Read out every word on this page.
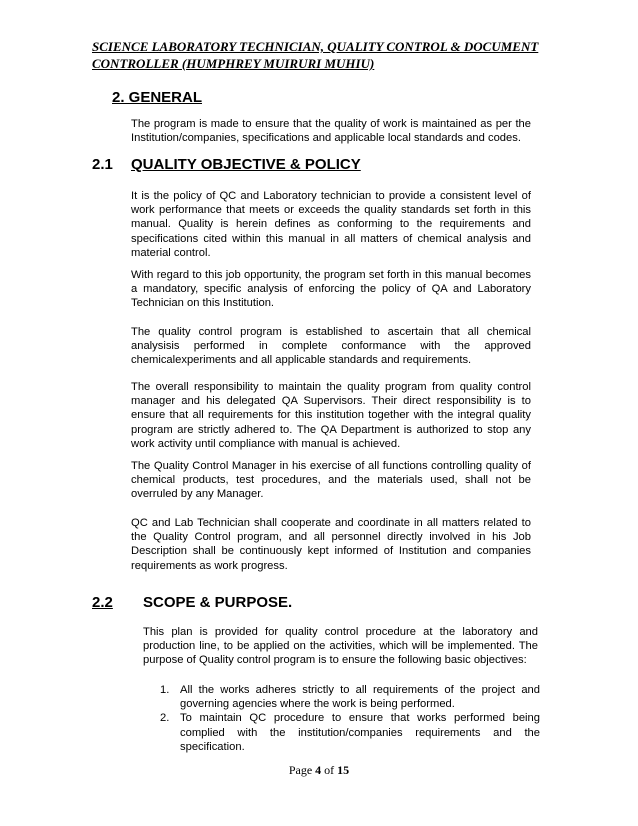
SCIENCE LABORATORY TECHNICIAN, QUALITY CONTROL & DOCUMENT
CONTROLLER (HUMPHREY MUIRURI MUHIU)
2. GENERAL
The program is made to ensure that the quality of work is maintained as per the Institution/companies, specifications and applicable local standards and codes.
2.1 QUALITY OBJECTIVE & POLICY
It is the policy of QC and Laboratory technician to provide a consistent level of work performance that meets or exceeds the quality standards set forth in this manual. Quality is herein defines as conforming to the requirements and specifications cited within this manual in all matters of chemical analysis and material control.
With regard to this job opportunity, the program set forth in this manual becomes a mandatory, specific analysis of enforcing the policy of QA and Laboratory Technician on this Institution.
The quality control program is established to ascertain that all chemical analysisis performed in complete conformance with the approved chemicalexperiments and all applicable standards and requirements.
The overall responsibility to maintain the quality program from quality control manager and his delegated QA Supervisors. Their direct responsibility is to ensure that all requirements for this institution together with the integral quality program are strictly adhered to. The QA Department is authorized to stop any work activity until compliance with manual is achieved.
The Quality Control Manager in his exercise of all functions controlling quality of chemical products, test procedures, and the materials used, shall not be overruled by any Manager.
QC and Lab Technician shall cooperate and coordinate in all matters related to the Quality Control program, and all personnel directly involved in his Job Description shall be continuously kept informed of Institution and companies requirements as work progress.
2.2 SCOPE & PURPOSE.
This plan is provided for quality control procedure at the laboratory and production line, to be applied on the activities, which will be implemented. The purpose of Quality control program is to ensure the following basic objectives:
1. All the works adheres strictly to all requirements of the project and governing agencies where the work is being performed.
2. To maintain QC procedure to ensure that works performed being complied with the institution/companies requirements and the specification.
Page 4 of 15
